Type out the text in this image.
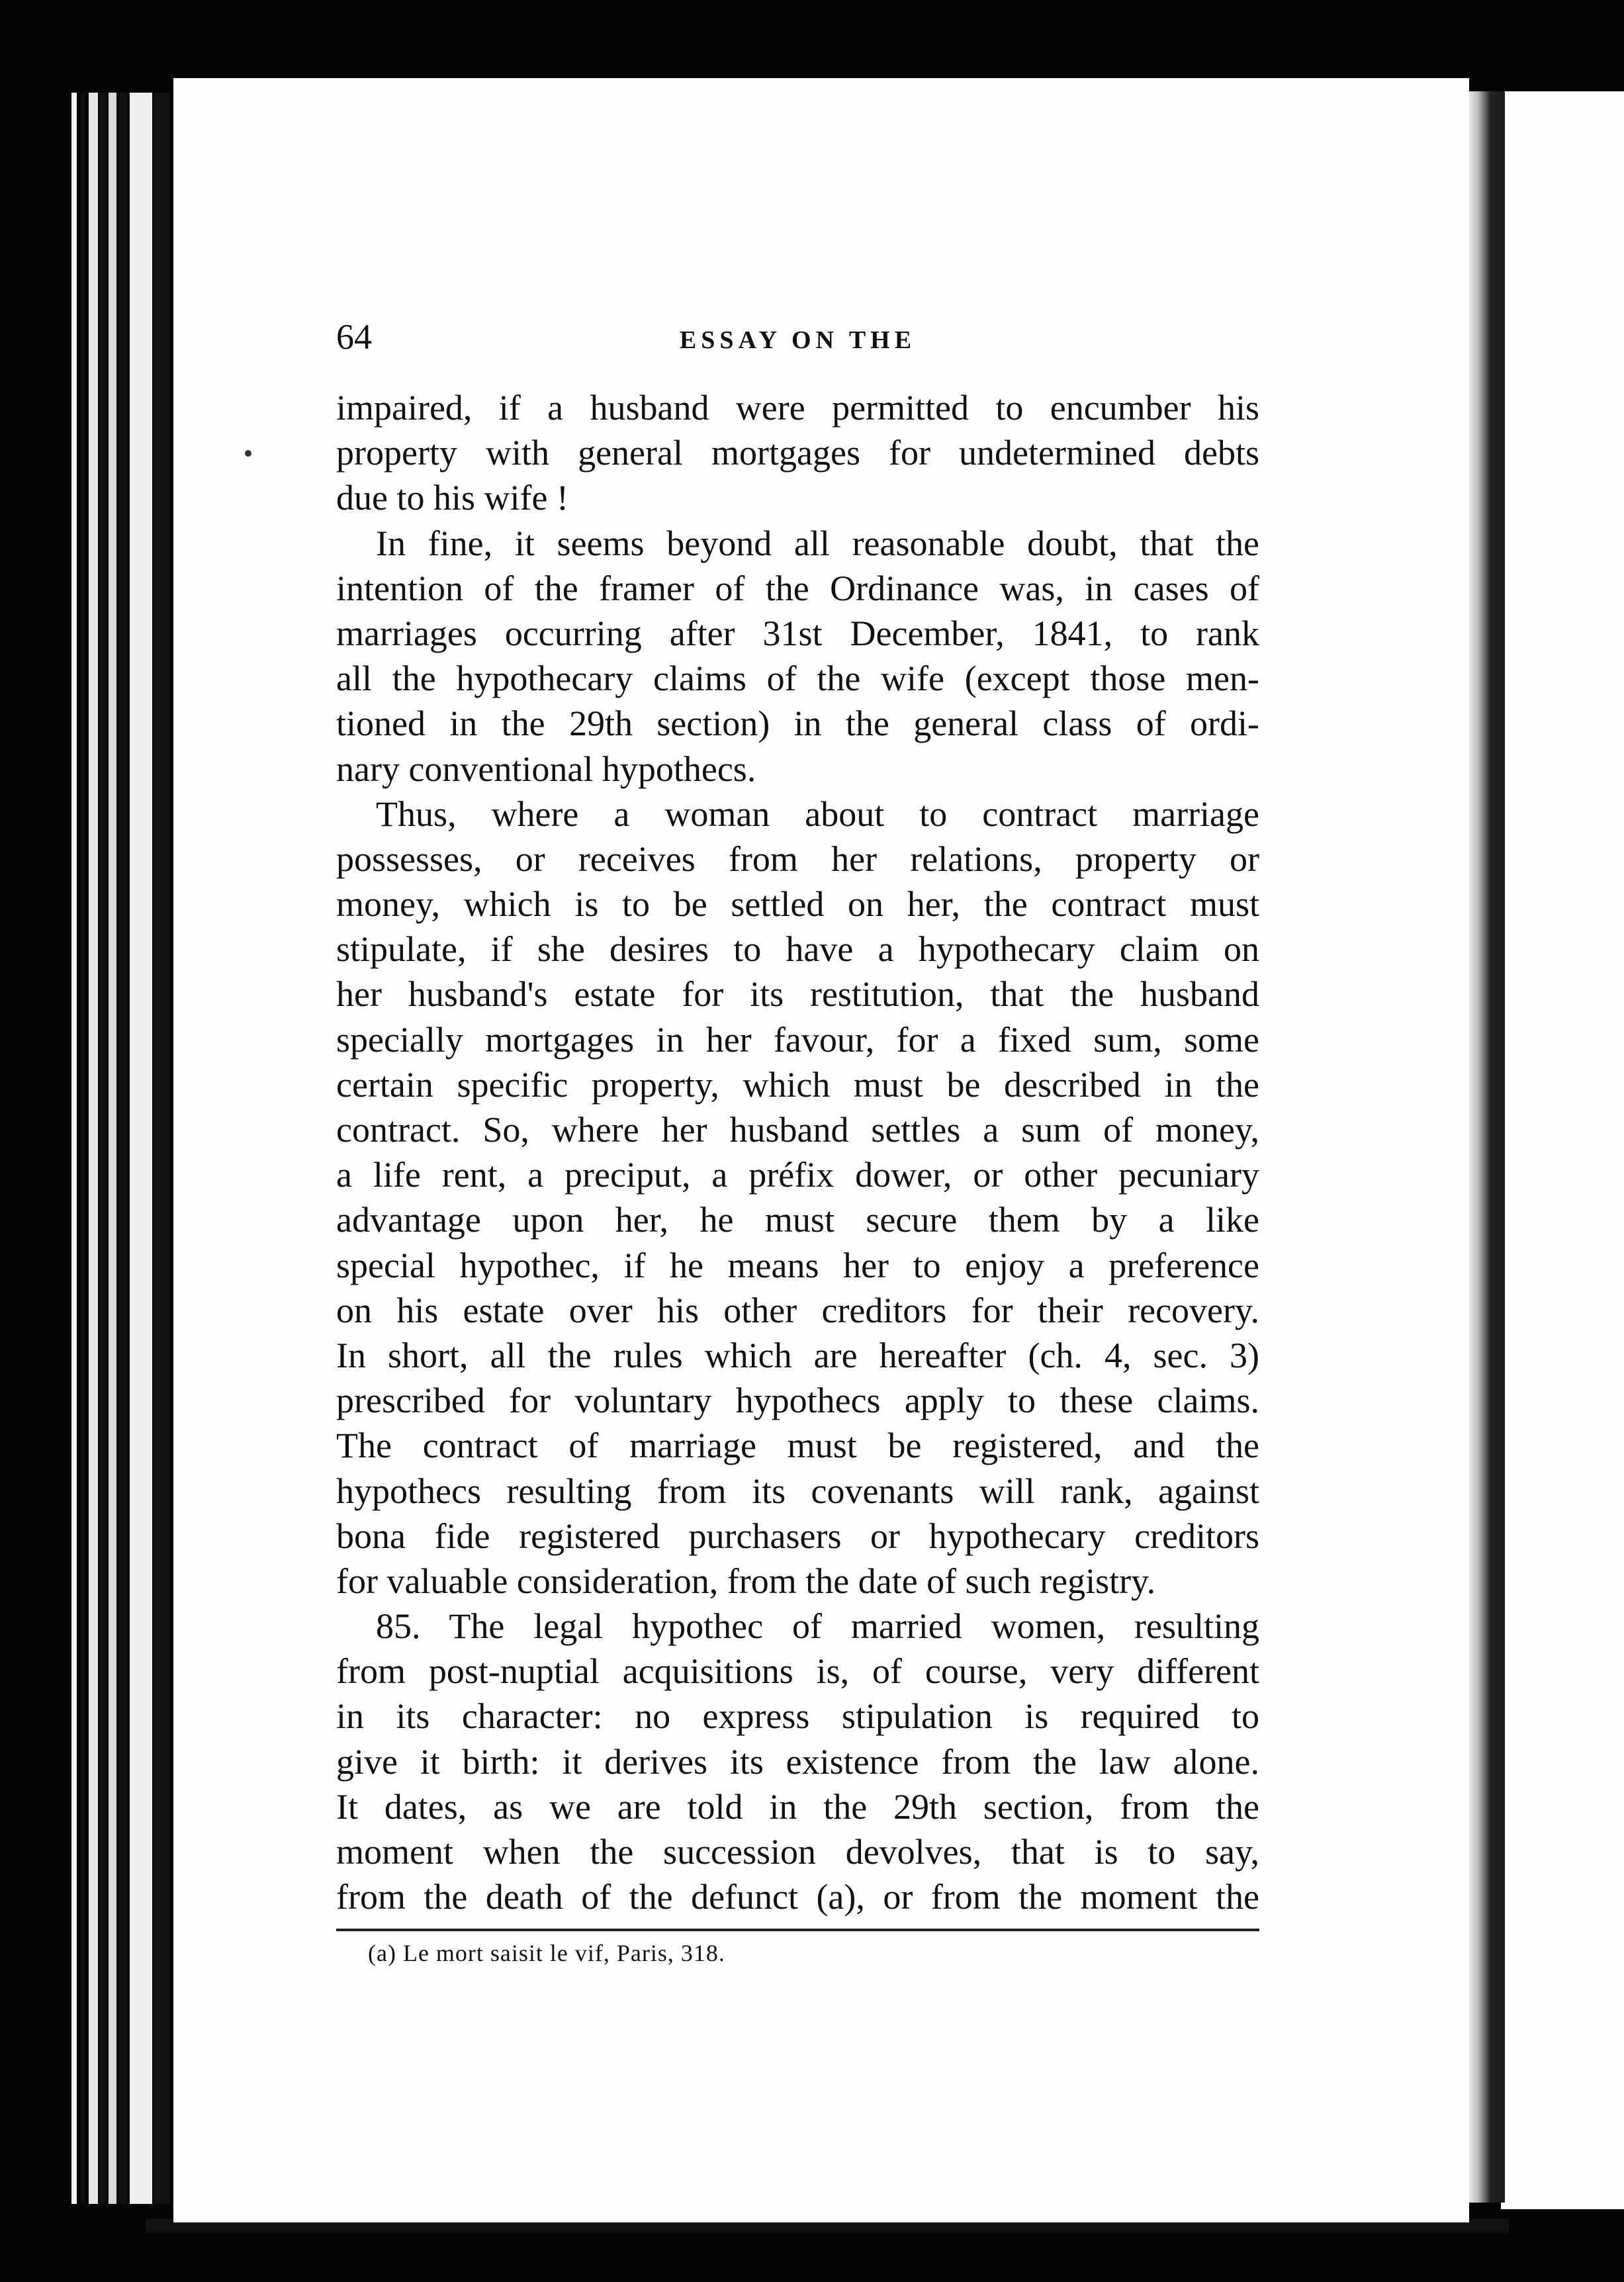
64	ESSAY ON THE
impaired, if a husband were permitted to encumber his
property with general mortgages for undetermined debts
due to his wife !
In fine, it seems beyond all reasonable doubt, that the
intention of the framer of the Ordinance was, in cases of
marriages occurring after 31st December, 1841, to rank
all the hypothecary claims of the wife (except those men-
tioned in the 29th section) in the general class of ordi-
nary conventional hypothecs.
Thus, where a woman about to contract marriage
possesses, or receives from her relations, property or
money, which is to be settled on her, the contract must
stipulate, if she desires to have a hypothecary claim on
her husband's estate for its restitution, that the husband
specially mortgages in her favour, for a fixed sum, some
certain specific property, which must be described in the
contract. So, where her husband settles a sum of money,
a life rent, a preciput, a préfix dower, or other pecuniary
advantage upon her, he must secure them by a like
special hypothec, if he means her to enjoy a preference
on his estate over his other creditors for their recovery.
In short, all the rules which are hereafter (ch. 4, sec. 3)
prescribed for voluntary hypothecs apply to these claims.
The contract of marriage must be registered, and the
hypothecs resulting from its covenants will rank, against
bona fide registered purchasers or hypothecary creditors
for valuable consideration, from the date of such registry.
85. The legal hypothec of married women, resulting
from post-nuptial acquisitions is, of course, very different
in its character: no express stipulation is required to
give it birth: it derives its existence from the law alone.
It dates, as we are told in the 29th section, from the
moment when the succession devolves, that is to say,
from the death of the defunct (a), or from the moment the
(a) Le mort saisit le vif, Paris, 318.
